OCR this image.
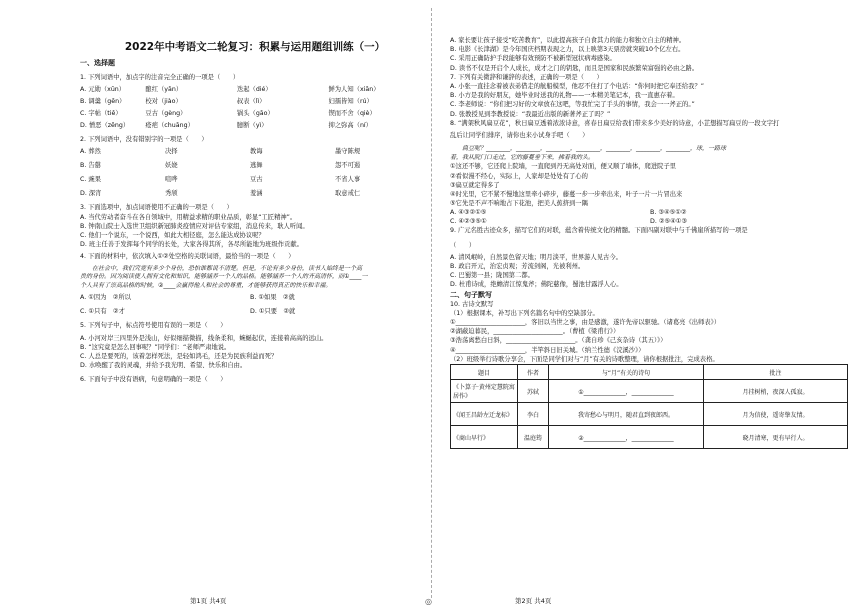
2022年中考语文二轮复习：积累与运用题组训练（一）

一、选择题

1. 下列词语中，加点字的注音完全正确的一项是（　　）

A. 元勋（xūn）	酿红（yān）	迭起（dié）	鲜为人知（xiān）
B. 调羹（gēn）	校对（jiào）	叔表（lì）	妇孺皆知（rú）
C. 字帖（tiě）	豆古（gèng）	锅头（gāo）	锲而不舍（qiè）
D. 憎恶（zēng）	疮疤（chuāng）	臆断（yì）	抑之弥高（ní）

2. 下列词语中，没有错别字的一项是（　　）

A. 葬然	决择	教诲	墨守陈规
B. 告罄	妖娆	逃舞	怨不可遏
C. 豌果	喧哗	豆古	不省人事
D. 深宵	秀颀	羞涵	取意戒仁

3. 下面选项中，加点词语使用不正确的一项是（　　）

A. 当代劳动者奋斗在各自领域中，用精益求精的职业品质，彰显“工匠精神”。

B. 钟南山院士入选世卫组织新冠肺炎疫情应对评估专家组，消息传来，耿人听闻。

C. 他们一个说东，一个说西，如此大相径庭，怎么能达成协议呢？

D. 班主任善于发挥每个同学的长处，大家各得其所，各尽所能地为班级作贡献。

4. 下面的材料中，依次填入①②处空格的关联词语，最恰当的一项是（　　）

　　在社会中，我们究竟有多少个身份，恐怕谁都说不清楚。但是，不论有多少身份，读书人始终是一个高

贵的身份。因为阅读使人拥有文化和知识，能够涵养一个人的品格。能够涵养一个人的齐高清怀，而①____一

个人具有了崇高品格的时候，②____会赢得他人和社会的尊重，才能够获得真正的快乐和幸福。

A. ①因为　②所以	B. ①如果　②就
C. ①只有　②才	D. ①只要　②就

5. 下列句子中，标点符号使用有误的一项是（　　）

A. 小河对岸三四里外是浅山，好似细描微描，线条柔和，蜿蜒起伏，连接着高高的远山。

B. “这究竟是怎么回事呢？”同学们：“老师严肃地说。

C. 人总是要死的，该着怎样死法，是轻如鸿毛，还是为民族利益而死？

D. 水唤醒了我的灵魂，并给予我光明、希望、快乐和自由。

6. 下面句子中没有语病，句意明确的一项是（　　）

第1页 共4页

A. 家长要让孩子接受“吃苦教育”，以此提高孩子自食其力的能力和独立自主的精神。

B. 电影《长津湖》是今年国庆档期表现之力，以上映第3天票房就突破10个亿左右。

C. 采用正确防护手段能够有效预防不被新型冠状病毒感染。

D. 读书不仅是开启个人成长，成才之门的钥匙，而且是国家和民族繁荣富强的必由之路。

7. 下列有关微辞和谦辞的表述，正确的一项是（　　）

A. 小张一直挂念着被表弟借走的航船模型，他忍不住打了个电话：“你何时把它奉还给我？”

B. 小方是我的好朋友，她毕业时送我的礼物——一本精美笔记本，我一直惠存着。

C. 李老师说：“你们把习好的文章放在这吧，等我忙完了手头的事情，我会一一斧正的。”

D. 张教授见到李教授说：“我最近出版的新著斧正了吗？”

8. “满架秋风扁豆花”，秋日扁豆透着浓浓诗意，喜春日扁豆给我们带来多少美好的诗意，小芷想描写扁豆的一段文字打

乱后让同学们排序，请你也来小试身手吧（　　）

　　扁豆呢？________，________，________，________，________，________，________，球，一路球

着，我从院门口走过，它的藤蔓垂下来，拂着我的头。

①这还不够，它还爬上院墙，一直爬到丹无高处对面，便又顺了墙体，爬进院子里

②看似漫不经心，实际上，人家却是处处有了心的

③扁豆就定得多了

④时光里，它不紧不慢地这里牵小碎步，藤蔓一步一步牵出来，叶子一片一片冒出来

⑤它先是不声不响地占下花池，把美人蕉挤到一隅

A. ④③②①⑤	B. ③④⑤①②
C. ④②③⑤①	D. ②⑤④①③

9. 广元名胜古迹众多，描写它们的对联，蕴含着传统文化的精髓。下面四副对联中与千佛崖所描写的一项是

（　　）

A. 清风岷岭，自然景色留天地；明月淡平，世界游人见古今。

B. 政启开元，治宏贞观；芳流剑阁，光被利州。

C. 巴蜀第一县；陇国第二都。

D. 杜甫诗成，绝蟾清江惊鬼斧；佛陀慈像，蜀池甘露浮人心。

二、句子默写

10. 古诗文默写

（1）根据课本，补写出下列名篇名句中的空缺部分。

①______________________，客旧以当世之事，由是感激，遂许先帝以驱驰。（诸葛亮《出师表》）

②湖蔽迫暮民，______________________。（曹植《梁甫行》）

③浩荡离愁白日斜，______________________。（龚自珍《己亥杂诗（其五）》）

④______________________，半竿斜日旧关城。（纳兰性德《浣溪沙》）

（2）班级举行诗歌分享会，下面是同学们对与“月”有关的诗歌整理，请你根据批注，完成表格。

题目	作者	与“月”有关的诗句	批注
《卜算子·黄州定慧院寓居作》	苏轼	①______________，______________	月挂树梢，夜深人孤寂。
《闻王昌龄左迁龙标》	李白	我寄愁心与明月，随君直到夜郎西。	月为信使，遥寄挚友情。
《商山早行》	温庭筠	②______________，______________	晓月清寒，更有早行人。
第2页 共4页
◎
